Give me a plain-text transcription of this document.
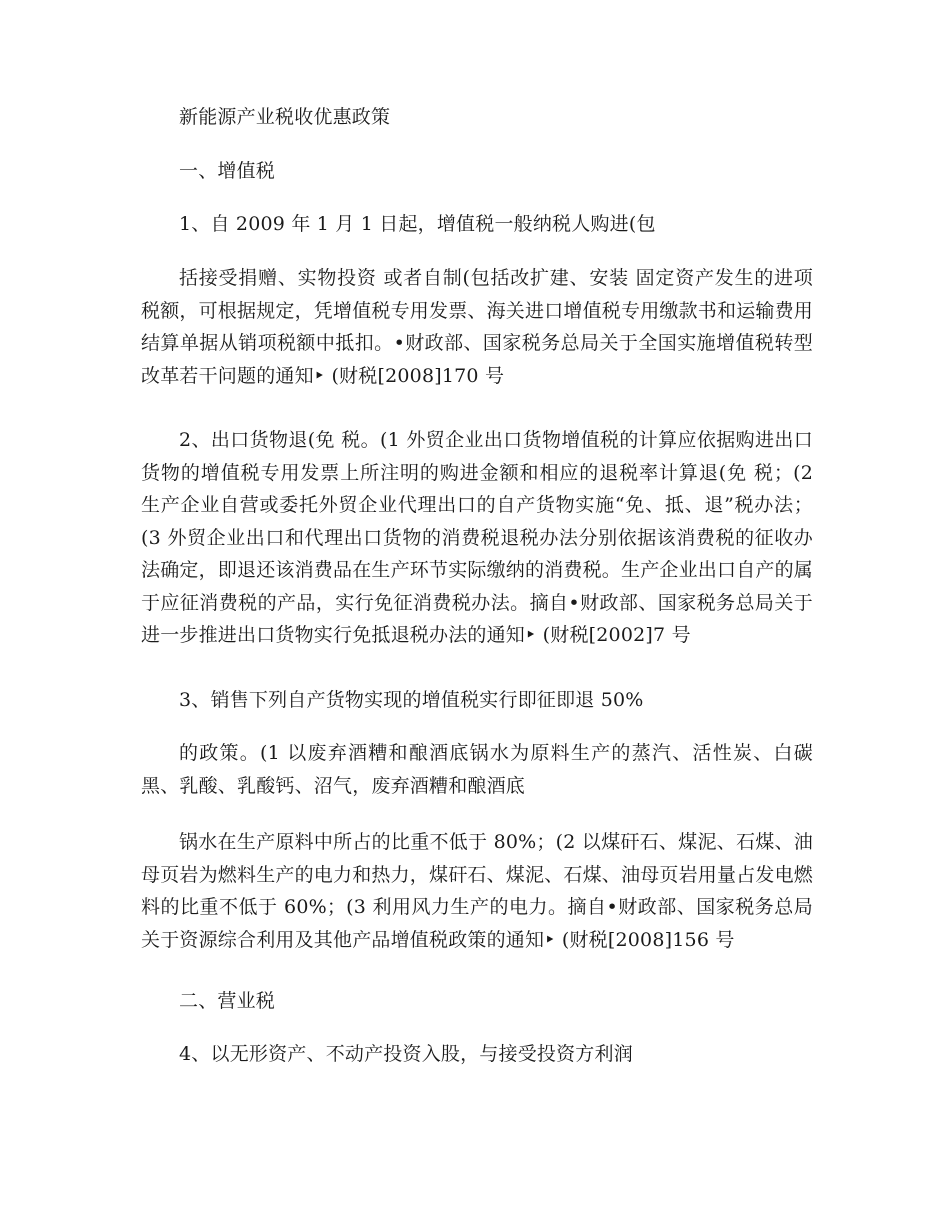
新能源产业税收优惠政策

一、增值税

1、自 2009 年 1 月 1 日起，增值税一般纳税人购进(包

括接受捐赠、实物投资 或者自制(包括改扩建、安装 固定资产发生的进项税额，可根据规定，凭增值税专用发票、海关进口增值税专用缴款书和运输费用结算单据从销项税额中抵扣。•财政部、国家税务总局关于全国实施增值税转型改革若干问题的通知‣ (财税[2008]170 号

2、出口货物退(免 税。(1 外贸企业出口货物增值税的计算应依据购进出口货物的增值税专用发票上所注明的购进金额和相应的退税率计算退(免 税；(2 生产企业自营或委托外贸企业代理出口的自产货物实施“免、抵、退”税办法；(3 外贸企业出口和代理出口货物的消费税退税办法分别依据该消费税的征收办法确定，即退还该消费品在生产环节实际缴纳的消费税。生产企业出口自产的属于应征消费税的产品，实行免征消费税办法。摘自•财政部、国家税务总局关于进一步推进出口货物实行免抵退税办法的通知‣ (财税[2002]7 号

3、销售下列自产货物实现的增值税实行即征即退 50%

的政策。(1 以废弃酒糟和酿酒底锅水为原料生产的蒸汽、活性炭、白碳黑、乳酸、乳酸钙、沼气，废弃酒糟和酿酒底

锅水在生产原料中所占的比重不低于 80%；(2 以煤矸石、煤泥、石煤、油母页岩为燃料生产的电力和热力，煤矸石、煤泥、石煤、油母页岩用量占发电燃料的比重不低于 60%；(3 利用风力生产的电力。摘自•财政部、国家税务总局关于资源综合利用及其他产品增值税政策的通知‣ (财税[2008]156 号

二、营业税

4、以无形资产、不动产投资入股，与接受投资方利润
